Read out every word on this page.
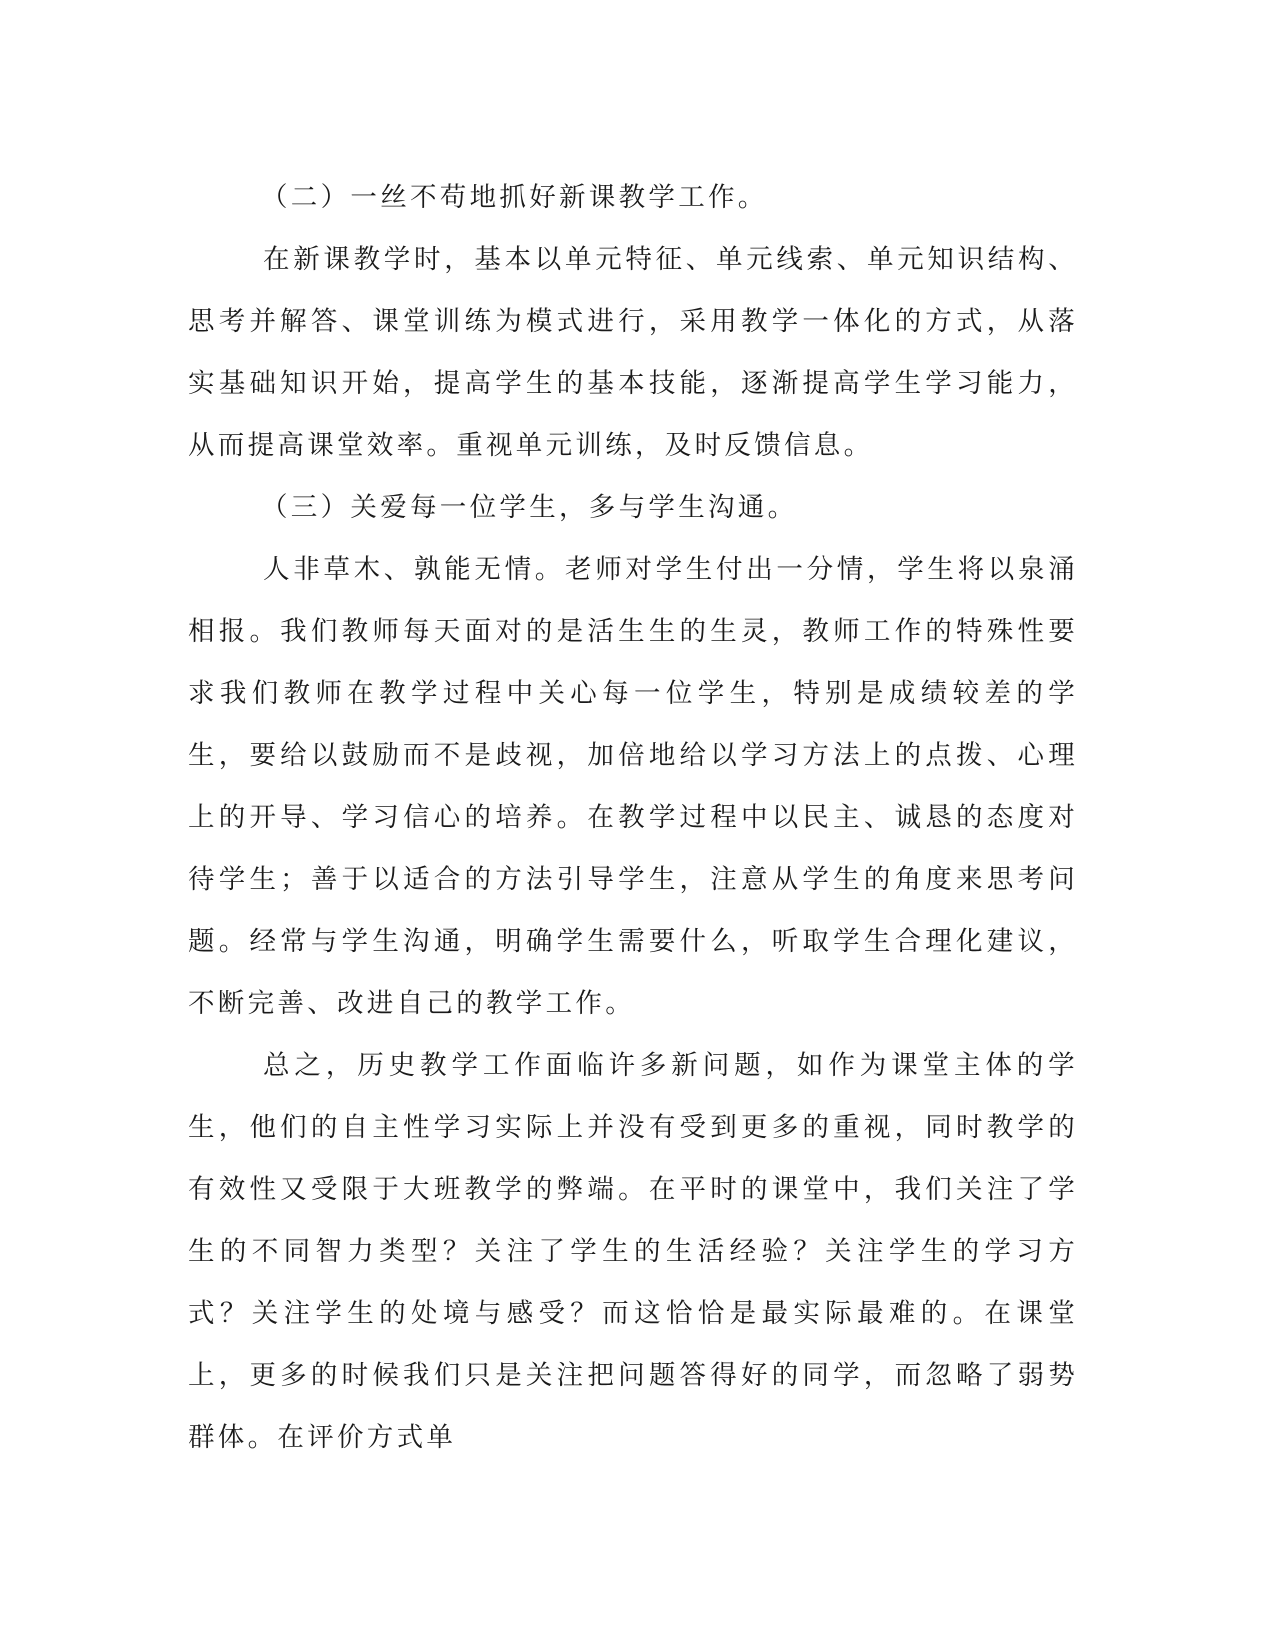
（二）一丝不苟地抓好新课教学工作。

在新课教学时，基本以单元特征、单元线索、单元知识结构、思考并解答、课堂训练为模式进行，采用教学一体化的方式，从落实基础知识开始，提高学生的基本技能，逐渐提高学生学习能力，从而提高课堂效率。重视单元训练，及时反馈信息。

（三）关爱每一位学生，多与学生沟通。

人非草木、孰能无情。老师对学生付出一分情，学生将以泉涌相报。我们教师每天面对的是活生生的生灵，教师工作的特殊性要求我们教师在教学过程中关心每一位学生，特别是成绩较差的学生，要给以鼓励而不是歧视，加倍地给以学习方法上的点拨、心理上的开导、学习信心的培养。在教学过程中以民主、诚恳的态度对待学生；善于以适合的方法引导学生，注意从学生的角度来思考问题。经常与学生沟通，明确学生需要什么，听取学生合理化建议，不断完善、改进自己的教学工作。

总之，历史教学工作面临许多新问题，如作为课堂主体的学生，他们的自主性学习实际上并没有受到更多的重视，同时教学的有效性又受限于大班教学的弊端。在平时的课堂中，我们关注了学生的不同智力类型？关注了学生的生活经验？关注学生的学习方式？关注学生的处境与感受？而这恰恰是最实际最难的。在课堂上，更多的时候我们只是关注把问题答得好的同学，而忽略了弱势群体。在评价方式单
